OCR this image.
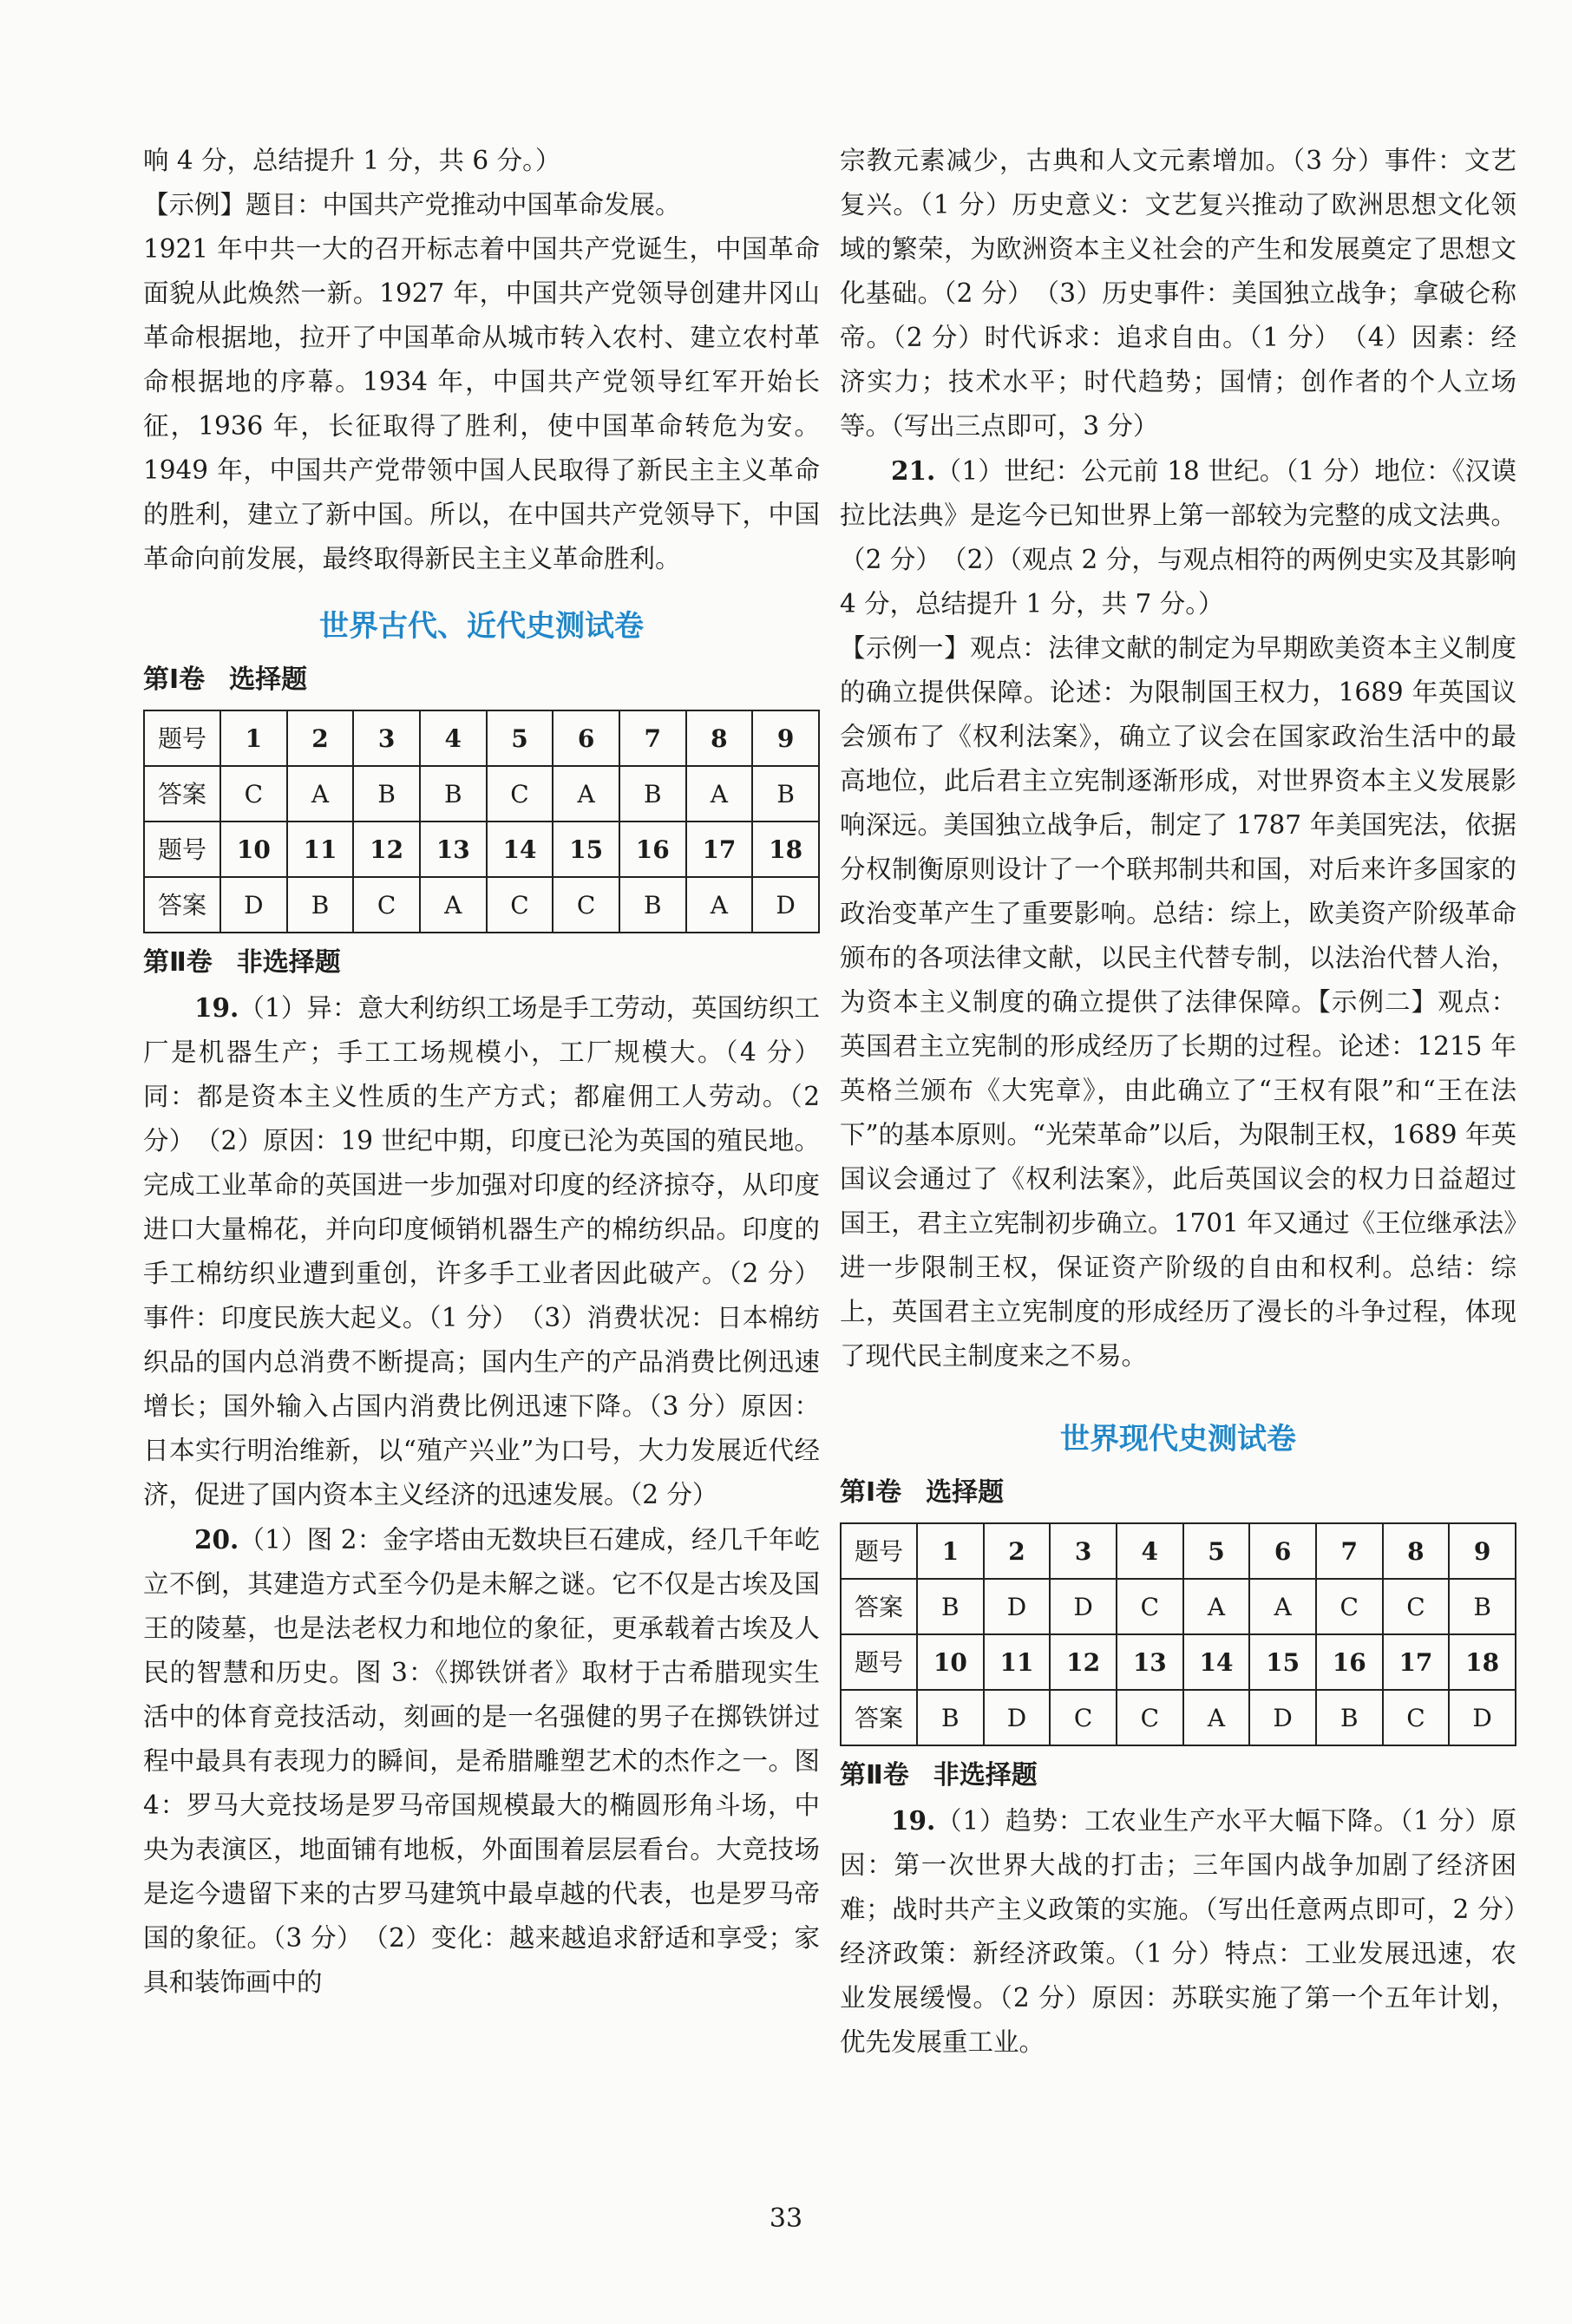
响 4 分，总结提升 1 分，共 6 分。）

【示例】题目：中国共产党推动中国革命发展。

1921 年中共一大的召开标志着中国共产党诞生，中国革命面貌从此焕然一新。1927 年，中国共产党领导创建井冈山革命根据地，拉开了中国革命从城市转入农村、建立农村革命根据地的序幕。1934 年，中国共产党领导红军开始长征，1936 年，长征取得了胜利，使中国革命转危为安。1949 年，中国共产党带领中国人民取得了新民主主义革命的胜利，建立了新中国。所以，在中国共产党领导下，中国革命向前发展，最终取得新民主主义革命胜利。

世界古代、近代史测试卷
第Ⅰ卷 选择题
题号	1	2	3	4	5	6	7	8	9
答案	C	A	B	B	C	A	B	A	B
题号	10	11	12	13	14	15	16	17	18
答案	D	B	C	A	C	C	B	A	D
第Ⅱ卷 非选择题

19.（1）异：意大利纺织工场是手工劳动，英国纺织工厂是机器生产；手工工场规模小，工厂规模大。（4 分）同：都是资本主义性质的生产方式；都雇佣工人劳动。（2 分）　（2）原因：19 世纪中期，印度已沦为英国的殖民地。完成工业革命的英国进一步加强对印度的经济掠夺，从印度进口大量棉花，并向印度倾销机器生产的棉纺织品。印度的手工棉纺织业遭到重创，许多手工业者因此破产。（2 分）事件：印度民族大起义。（1 分）　（3）消费状况：日本棉纺织品的国内总消费不断提高；国内生产的产品消费比例迅速增长；国外输入占国内消费比例迅速下降。（3 分）原因：日本实行明治维新，以“殖产兴业”为口号，大力发展近代经济，促进了国内资本主义经济的迅速发展。（2 分）

20.（1）图 2：金字塔由无数块巨石建成，经几千年屹立不倒，其建造方式至今仍是未解之谜。它不仅是古埃及国王的陵墓，也是法老权力和地位的象征，更承载着古埃及人民的智慧和历史。图 3：《掷铁饼者》取材于古希腊现实生活中的体育竞技活动，刻画的是一名强健的男子在掷铁饼过程中最具有表现力的瞬间，是希腊雕塑艺术的杰作之一。图 4：罗马大竞技场是罗马帝国规模最大的椭圆形角斗场，中央为表演区，地面铺有地板，外面围着层层看台。大竞技场是迄今遗留下来的古罗马建筑中最卓越的代表，也是罗马帝国的象征。（3 分）　（2）变化：越来越追求舒适和享受；家具和装饰画中的

宗教元素减少，古典和人文元素增加。（3 分）事件：文艺复兴。（1 分）历史意义：文艺复兴推动了欧洲思想文化领域的繁荣，为欧洲资本主义社会的产生和发展奠定了思想文化基础。（2 分）　（3）历史事件：美国独立战争；拿破仑称帝。（2 分）时代诉求：追求自由。（1 分）　（4）因素：经济实力；技术水平；时代趋势；国情；创作者的个人立场等。（写出三点即可，3 分）

21.（1）世纪：公元前 18 世纪。（1 分）地位：《汉谟拉比法典》是迄今已知世界上第一部较为完整的成文法典。（2 分）　（2）（观点 2 分，与观点相符的两例史实及其影响 4 分，总结提升 1 分，共 7 分。）

【示例一】观点：法律文献的制定为早期欧美资本主义制度的确立提供保障。论述：为限制国王权力，1689 年英国议会颁布了《权利法案》，确立了议会在国家政治生活中的最高地位，此后君主立宪制逐渐形成，对世界资本主义发展影响深远。美国独立战争后，制定了 1787 年美国宪法，依据分权制衡原则设计了一个联邦制共和国，对后来许多国家的政治变革产生了重要影响。总结：综上，欧美资产阶级革命颁布的各项法律文献，以民主代替专制，以法治代替人治，为资本主义制度的确立提供了法律保障。【示例二】观点：英国君主立宪制的形成经历了长期的过程。论述：1215 年英格兰颁布《大宪章》，由此确立了“王权有限”和“王在法下”的基本原则。“光荣革命”以后，为限制王权，1689 年英国议会通过了《权利法案》，此后英国议会的权力日益超过国王，君主立宪制初步确立。1701 年又通过《王位继承法》进一步限制王权，保证资产阶级的自由和权利。总结：综上，英国君主立宪制度的形成经历了漫长的斗争过程，体现了现代民主制度来之不易。

世界现代史测试卷
第Ⅰ卷 选择题
题号	1	2	3	4	5	6	7	8	9
答案	B	D	D	C	A	A	C	C	B
题号	10	11	12	13	14	15	16	17	18
答案	B	D	C	C	A	D	B	C	D
第Ⅱ卷 非选择题

19.（1）趋势：工农业生产水平大幅下降。（1 分）原因：第一次世界大战的打击；三年国内战争加剧了经济困难；战时共产主义政策的实施。（写出任意两点即可，2 分）经济政策：新经济政策。（1 分）特点：工业发展迅速，农业发展缓慢。（2 分）原因：苏联实施了第一个五年计划，优先发展重工业。

33
